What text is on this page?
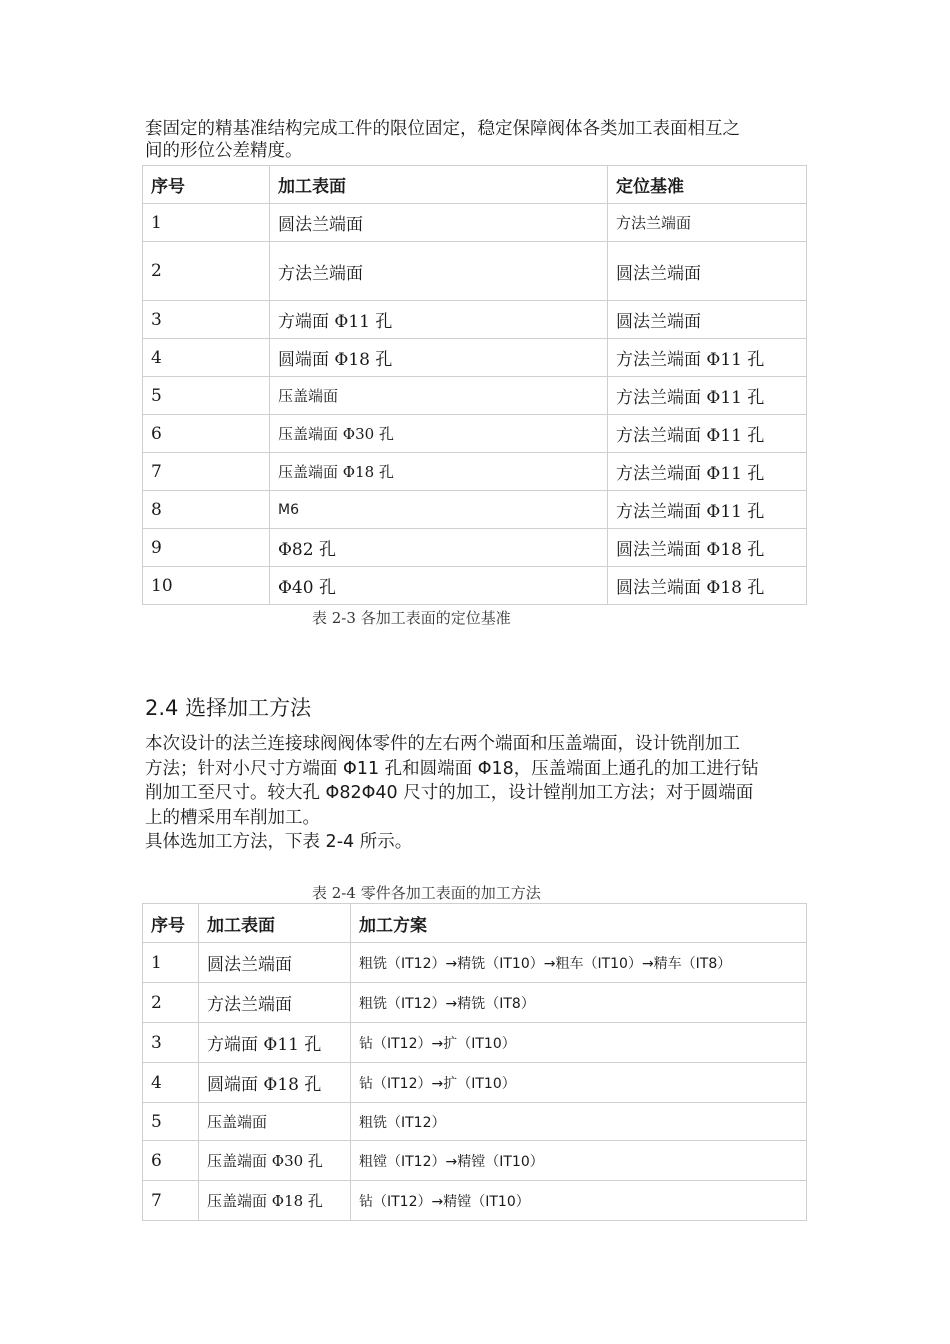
套固定的精基准结构完成工件的限位固定，稳定保障阀体各类加工表面相互之
间的形位公差精度。
序号	加工表面	定位基准
1	圆法兰端面	方法兰端面
2	方法兰端面	圆法兰端面
3	方端面 Φ11 孔	圆法兰端面
4	圆端面 Φ18 孔	方法兰端面 Φ11 孔
5	压盖端面	方法兰端面 Φ11 孔
6	压盖端面 Φ30 孔	方法兰端面 Φ11 孔
7	压盖端面 Φ18 孔	方法兰端面 Φ11 孔
8	M6	方法兰端面 Φ11 孔
9	Φ82 孔	圆法兰端面 Φ18 孔
10	Φ40 孔	圆法兰端面 Φ18 孔
表 2-3 各加工表面的定位基准
2.4 选择加工方法
本次设计的法兰连接球阀阀体零件的左右两个端面和压盖端面，设计铣削加工
方法；针对小尺寸方端面 Φ11 孔和圆端面 Φ18，压盖端面上通孔的加工进行钻
削加工至尺寸。较大孔 Φ82Φ40 尺寸的加工，设计镗削加工方法；对于圆端面
上的槽采用车削加工。
具体选加工方法，下表 2-4 所示。
表 2-4 零件各加工表面的加工方法
序号	加工表面	加工方案
1	圆法兰端面	粗铣（IT12）→精铣（IT10）→粗车（IT10）→精车（IT8）
2	方法兰端面	粗铣（IT12）→精铣（IT8）
3	方端面 Φ11 孔	钻（IT12）→扩（IT10）
4	圆端面 Φ18 孔	钻（IT12）→扩（IT10）
5	压盖端面	粗铣（IT12）
6	压盖端面 Φ30 孔	粗镗（IT12）→精镗（IT10）
7	压盖端面 Φ18 孔	钻（IT12）→精镗（IT10）
